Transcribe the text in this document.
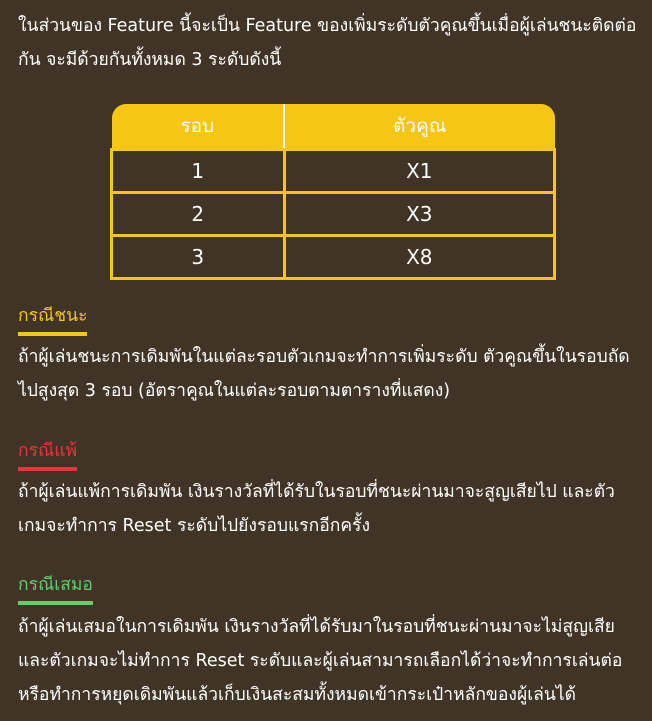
ในส่วนของ Feature นี้จะเป็น Feature ของเพิ่มระดับตัวคูณขึ้นเมื่อผู้เล่นชนะติดต่อกัน จะมีด้วยกันทั้งหมด 3 ระดับดังนี้

รอบ	ตัวคูณ
1	X1
2	X3
3	X8
กรณีชนะ

ถ้าผู้เล่นชนะการเดิมพันในแต่ละรอบตัวเกมจะทำการเพิ่มระดับ ตัวคูณขึ้นในรอบถัดไปสูงสุด 3 รอบ (อัตราคูณในแต่ละรอบตามตารางที่แสดง)

กรณีแพ้

ถ้าผู้เล่นแพ้การเดิมพัน เงินรางวัลที่ได้รับในรอบที่ชนะผ่านมาจะสูญเสียไป และตัวเกมจะทำการ Reset ระดับไปยังรอบแรกอีกครั้ง

กรณีเสมอ

ถ้าผู้เล่นเสมอในการเดิมพัน เงินรางวัลที่ได้รับมาในรอบที่ชนะผ่านมาจะไม่สูญเสีย และตัวเกมจะไม่ทำการ Reset ระดับและผู้เล่นสามารถเลือกได้ว่าจะทำการเล่นต่อหรือทำการหยุดเดิมพันแล้วเก็บเงินสะสมทั้งหมดเข้ากระเป๋าหลักของผู้เล่นได้
